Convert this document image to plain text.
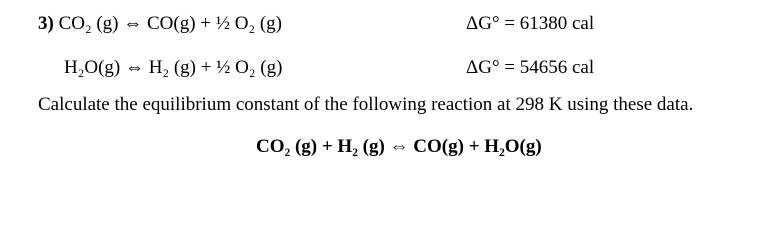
3) CO₂ (g) ⇔ CO(g) + ½ O₂ (g)	ΔG° = 61380 cal
H₂O(g) ⇔ H₂ (g) + ½ O₂ (g)	ΔG° = 54656 cal
Calculate the equilibrium constant of the following reaction at 298 K using these data.
CO₂ (g) + H₂ (g) ⇔ CO(g) + H₂O(g)
